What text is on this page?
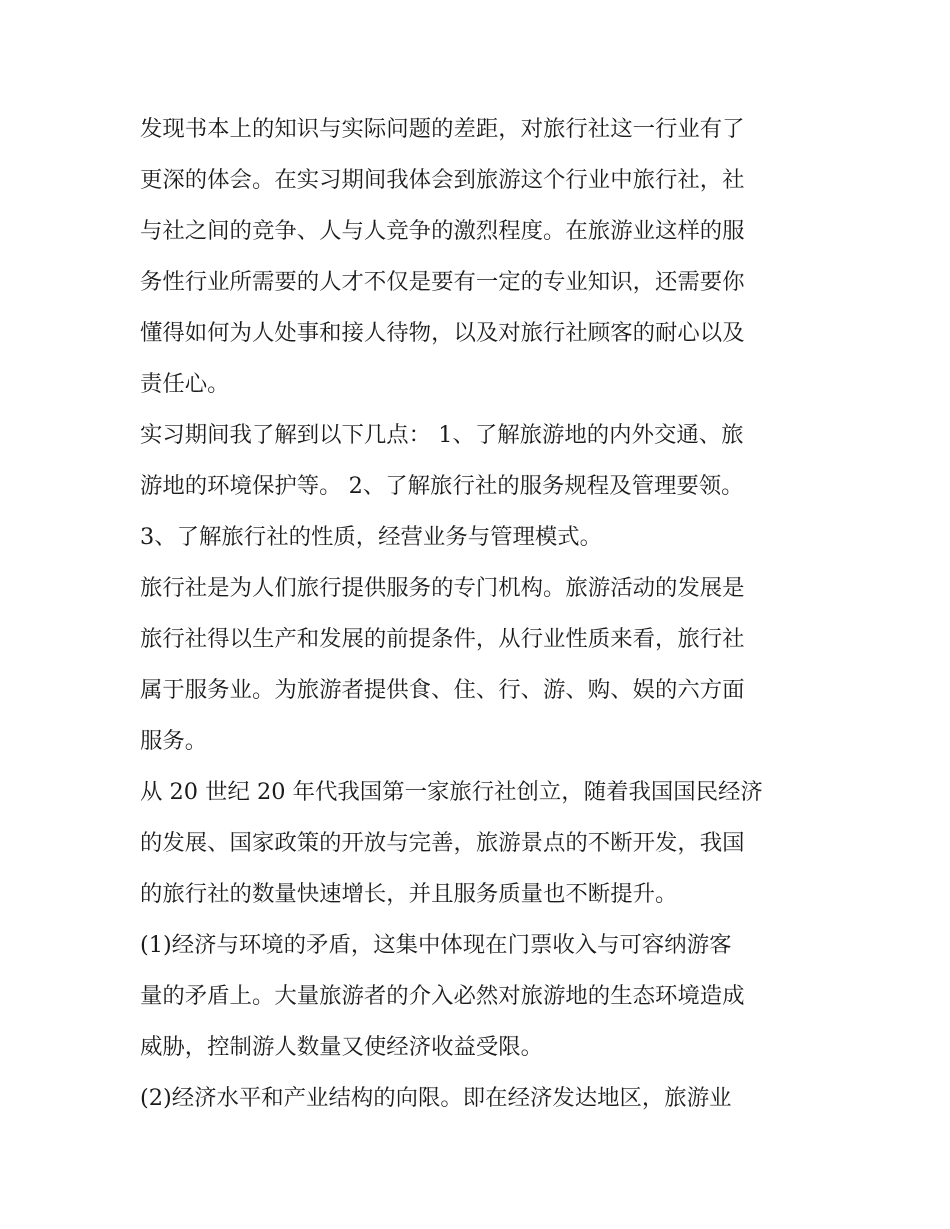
发现书本上的知识与实际问题的差距，对旅行社这一行业有了
更深的体会。在实习期间我体会到旅游这个行业中旅行社，社
与社之间的竞争、人与人竞争的激烈程度。在旅游业这样的服
务性行业所需要的人才不仅是要有一定的专业知识，还需要你
懂得如何为人处事和接人待物，以及对旅行社顾客的耐心以及
责任心。
实习期间我了解到以下几点： 1、了解旅游地的内外交通、旅
游地的环境保护等。 2、了解旅行社的服务规程及管理要领。
3、了解旅行社的性质，经营业务与管理模式。
旅行社是为人们旅行提供服务的专门机构。旅游活动的发展是
旅行社得以生产和发展的前提条件，从行业性质来看，旅行社
属于服务业。为旅游者提供食、住、行、游、购、娱的六方面
服务。
从 20 世纪 20 年代我国第一家旅行社创立，随着我国国民经济
的发展、国家政策的开放与完善，旅游景点的不断开发，我国
的旅行社的数量快速增长，并且服务质量也不断提升。
(1)经济与环境的矛盾，这集中体现在门票收入与可容纳游客
量的矛盾上。大量旅游者的介入必然对旅游地的生态环境造成
威胁，控制游人数量又使经济收益受限。
(2)经济水平和产业结构的向限。即在经济发达地区，旅游业
